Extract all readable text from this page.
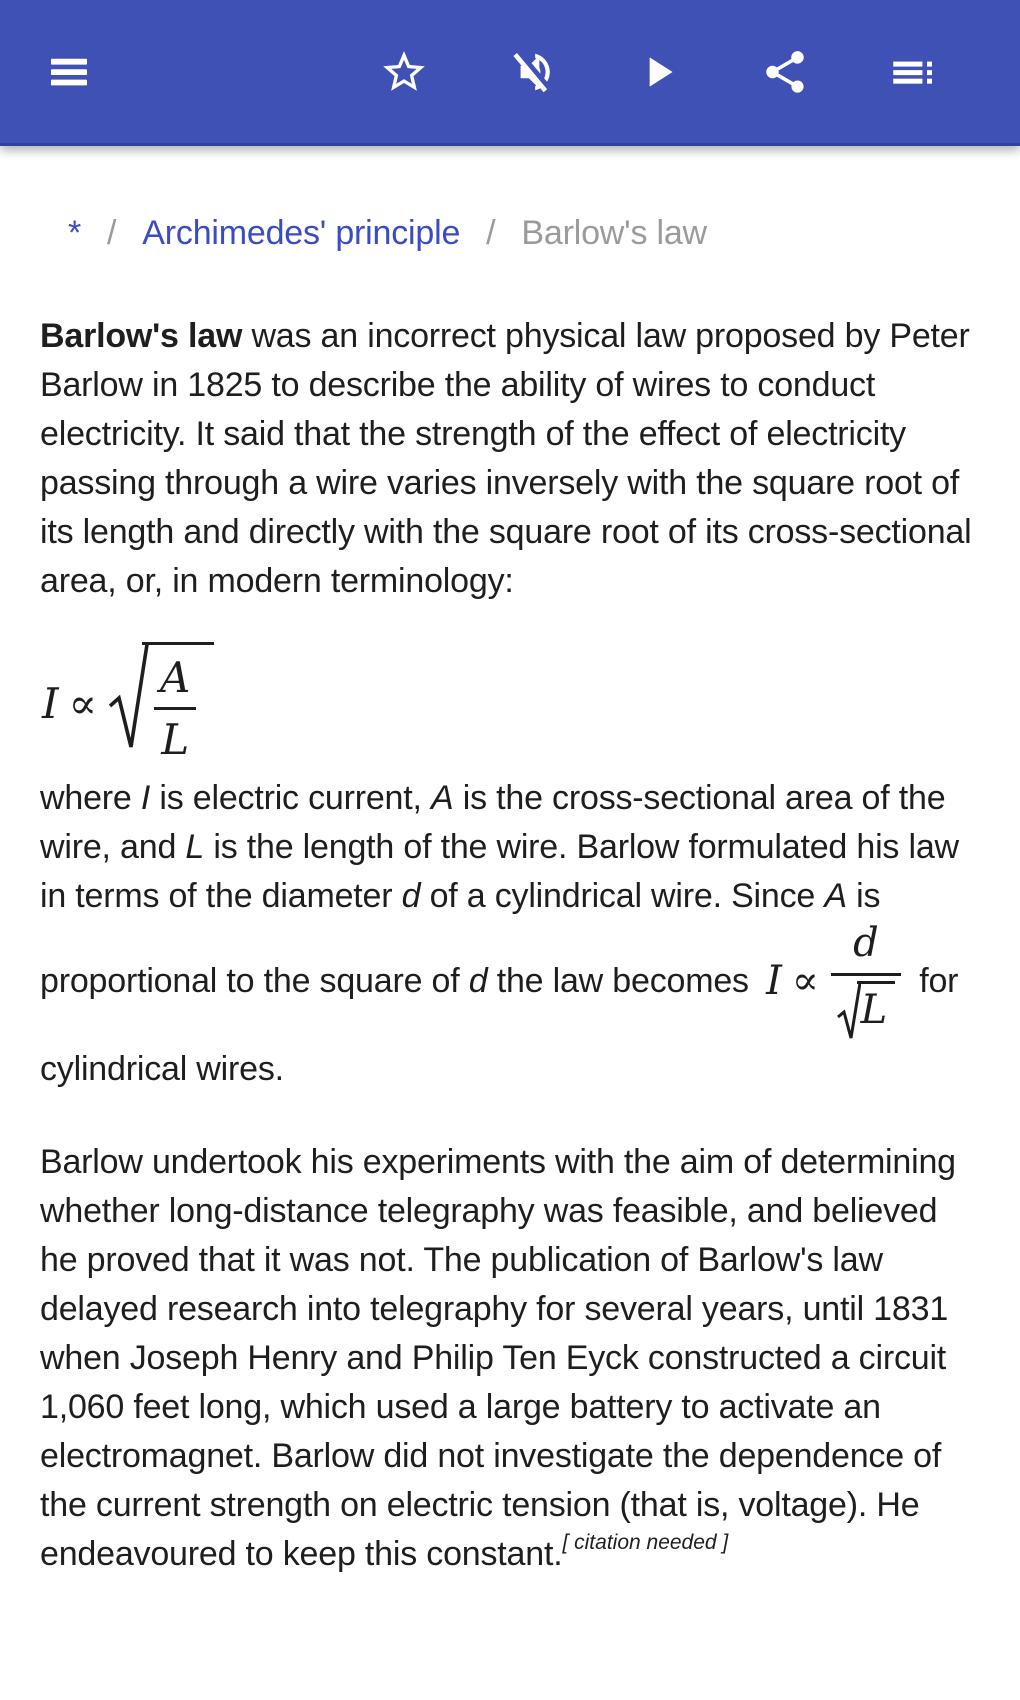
* / Archimedes' principle / Barlow's law

Barlow's law was an incorrect physical law proposed by Peter Barlow in 1825 to describe the ability of wires to conduct electricity. It said that the strength of the effect of electricity passing through a wire varies inversely with the square root of its length and directly with the square root of its cross-sectional area, or, in modern terminology:

$I \propto \frac{A}{L}$

where I is electric current, A is the cross-sectional area of the wire, and L is the length of the wire. Barlow formulated his law in terms of the diameter d of a cylindrical wire. Since A is proportional to the square of d the law becomes $I \propto \frac{d}{L}$ for cylindrical wires.

Barlow undertook his experiments with the aim of determining whether long-distance telegraphy was feasible, and believed he proved that it was not. The publication of Barlow's law delayed research into telegraphy for several years, until 1831 when Joseph Henry and Philip Ten Eyck constructed a circuit 1,060 feet long, which used a large battery to activate an electromagnet. Barlow did not investigate the dependence of the current strength on electric tension (that is, voltage). He endeavoured to keep this constant.[ citation needed ]
